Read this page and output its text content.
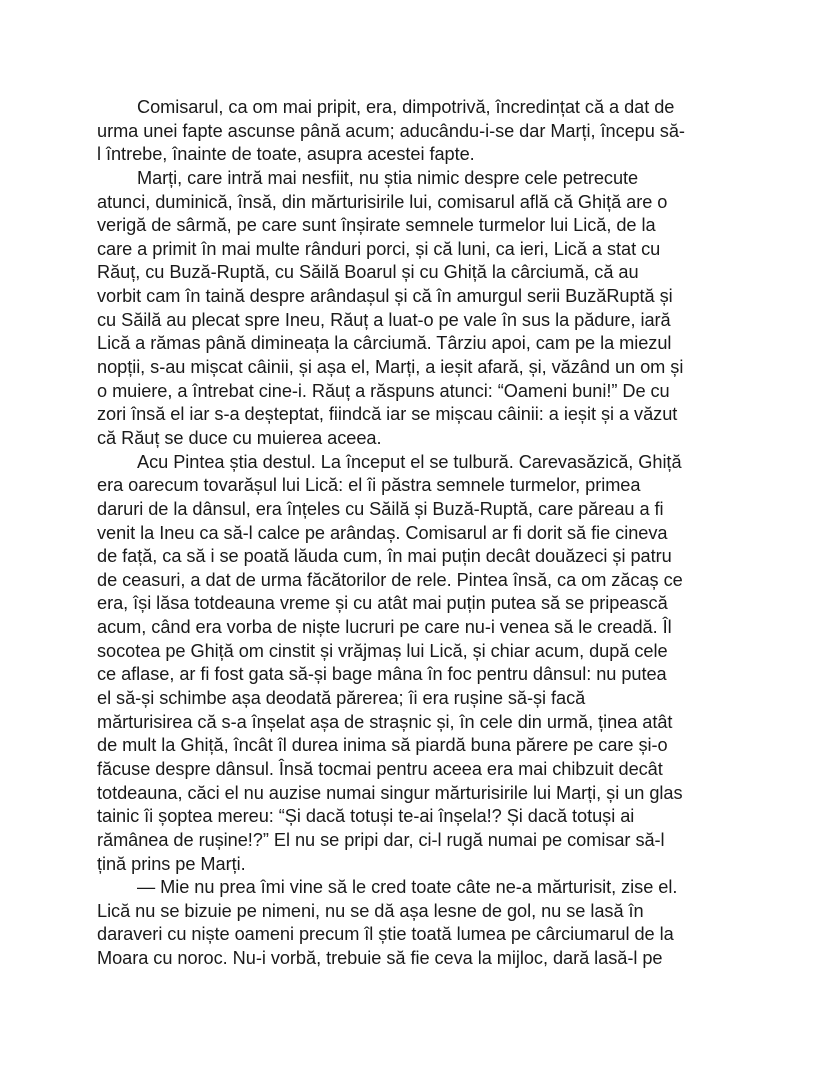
Comisarul, ca om mai pripit, era, dimpotrivă, încredințat că a dat de
urma unei fapte ascunse până acum; aducându-i-se dar Marți, începu să-
l întrebe, înainte de toate, asupra acestei fapte.
Marți, care intră mai nesfiit, nu știa nimic despre cele petrecute
atunci, duminică, însă, din mărturisirile lui, comisarul află că Ghiță are o
verigă de sârmă, pe care sunt înșirate semnele turmelor lui Lică, de la
care a primit în mai multe rânduri porci, și că luni, ca ieri, Lică a stat cu
Răuț, cu Buză-Ruptă, cu Săilă Boarul și cu Ghiță la cârciumă, că au
vorbit cam în taină despre arândașul și că în amurgul serii BuzăRuptă și
cu Săilă au plecat spre Ineu, Răuț a luat-o pe vale în sus la pădure, iară
Lică a rămas până dimineața la cârciumă. Târziu apoi, cam pe la miezul
nopții, s-au mișcat câinii, și așa el, Marți, a ieșit afară, și, văzând un om și
o muiere, a întrebat cine-i. Răuț a răspuns atunci: “Oameni buni!” De cu
zori însă el iar s-a deșteptat, fiindcă iar se mișcau câinii: a ieșit și a văzut
că Răuț se duce cu muierea aceea.
Acu Pintea știa destul. La început el se tulbură. Carevasăzică, Ghiță
era oarecum tovarășul lui Lică: el îi păstra semnele turmelor, primea
daruri de la dânsul, era înțeles cu Săilă și Buză-Ruptă, care păreau a fi
venit la Ineu ca să-l calce pe arândaș. Comisarul ar fi dorit să fie cineva
de față, ca să i se poată lăuda cum, în mai puțin decât douăzeci și patru
de ceasuri, a dat de urma făcătorilor de rele. Pintea însă, ca om zăcaș ce
era, își lăsa totdeauna vreme și cu atât mai puțin putea să se pripească
acum, când era vorba de niște lucruri pe care nu-i venea să le creadă. Îl
socotea pe Ghiță om cinstit și vrăjmaș lui Lică, și chiar acum, după cele
ce aflase, ar fi fost gata să-și bage mâna în foc pentru dânsul: nu putea
el să-și schimbe așa deodată părerea; îi era rușine să-și facă
mărturisirea că s-a înșelat așa de strașnic și, în cele din urmă, ținea atât
de mult la Ghiță, încât îl durea inima să piardă buna părere pe care și-o
făcuse despre dânsul. Însă tocmai pentru aceea era mai chibzuit decât
totdeauna, căci el nu auzise numai singur mărturisirile lui Marți, și un glas
tainic îi șoptea mereu: “Și dacă totuși te-ai înșela!? Și dacă totuși ai
rămânea de rușine!?” El nu se pripi dar, ci-l rugă numai pe comisar să-l
țină prins pe Marți.
— Mie nu prea îmi vine să le cred toate câte ne-a mărturisit, zise el.
Lică nu se bizuie pe nimeni, nu se dă așa lesne de gol, nu se lasă în
daraveri cu niște oameni precum îl știe toată lumea pe cârciumarul de la
Moara cu noroc. Nu-i vorbă, trebuie să fie ceva la mijloc, dară lasă-l pe
